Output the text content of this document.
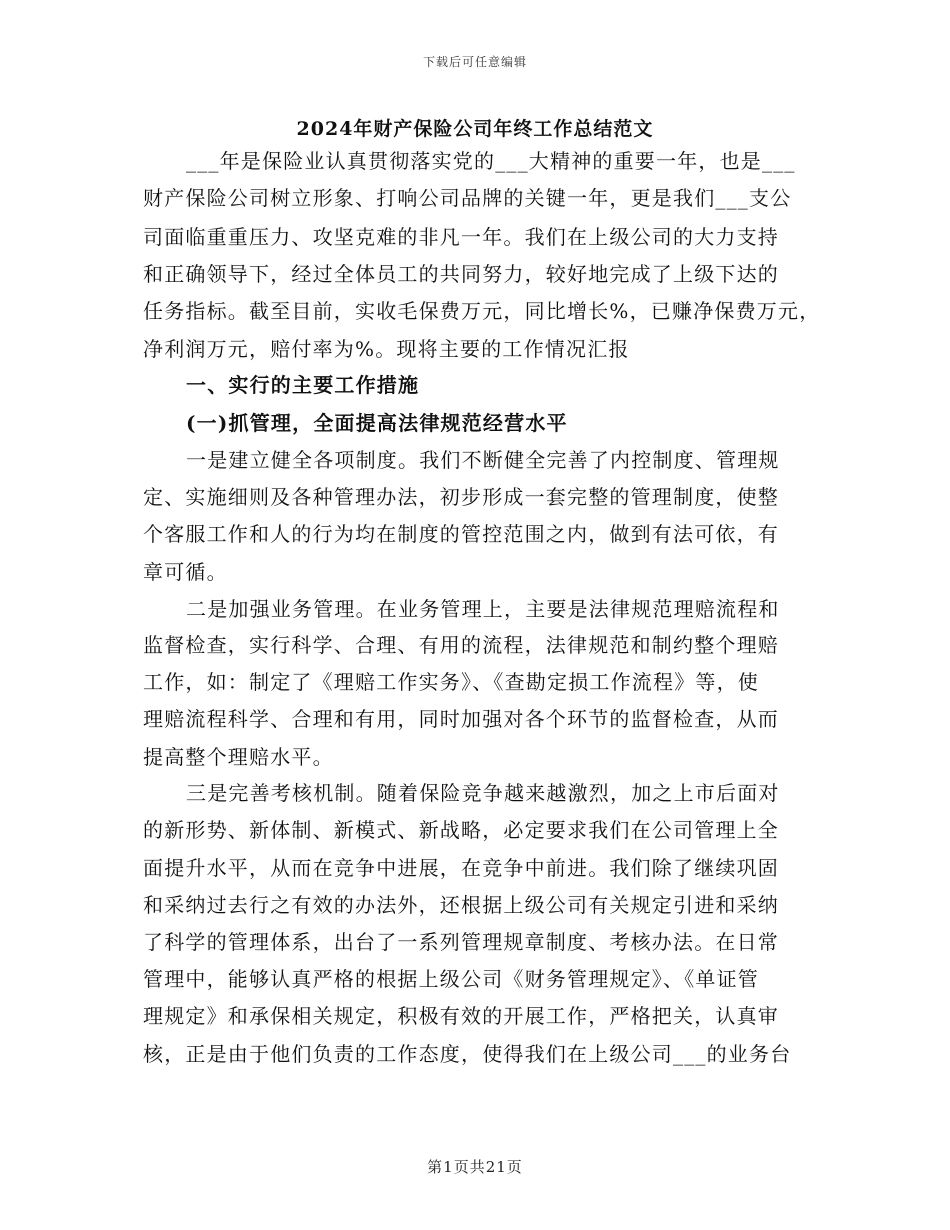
下载后可任意编辑
2024年财产保险公司年终工作总结范文
___年是保险业认真贯彻落实党的___大精神的重要一年，也是___
财产保险公司树立形象、打响公司品牌的关键一年，更是我们___支公
司面临重重压力、攻坚克难的非凡一年。我们在上级公司的大力支持
和正确领导下，经过全体员工的共同努力，较好地完成了上级下达的
任务指标。截至目前，实收毛保费万元，同比增长%，已赚净保费万元，
净利润万元，赔付率为%。现将主要的工作情况汇报
一、实行的主要工作措施
(一)抓管理，全面提高法律规范经营水平
一是建立健全各项制度。我们不断健全完善了内控制度、管理规
定、实施细则及各种管理办法，初步形成一套完整的管理制度，使整
个客服工作和人的行为均在制度的管控范围之内，做到有法可依，有
章可循。
二是加强业务管理。在业务管理上，主要是法律规范理赔流程和
监督检查，实行科学、合理、有用的流程，法律规范和制约整个理赔
工作，如：制定了《理赔工作实务》、《查勘定损工作流程》等，使
理赔流程科学、合理和有用，同时加强对各个环节的监督检查，从而
提高整个理赔水平。
三是完善考核机制。随着保险竞争越来越激烈，加之上市后面对
的新形势、新体制、新模式、新战略，必定要求我们在公司管理上全
面提升水平，从而在竞争中进展，在竞争中前进。我们除了继续巩固
和采纳过去行之有效的办法外，还根据上级公司有关规定引进和采纳
了科学的管理体系，出台了一系列管理规章制度、考核办法。在日常
管理中，能够认真严格的根据上级公司《财务管理规定》、《单证管
理规定》和承保相关规定，积极有效的开展工作，严格把关，认真审
核，正是由于他们负责的工作态度，使得我们在上级公司___的业务台
第1页共21页
